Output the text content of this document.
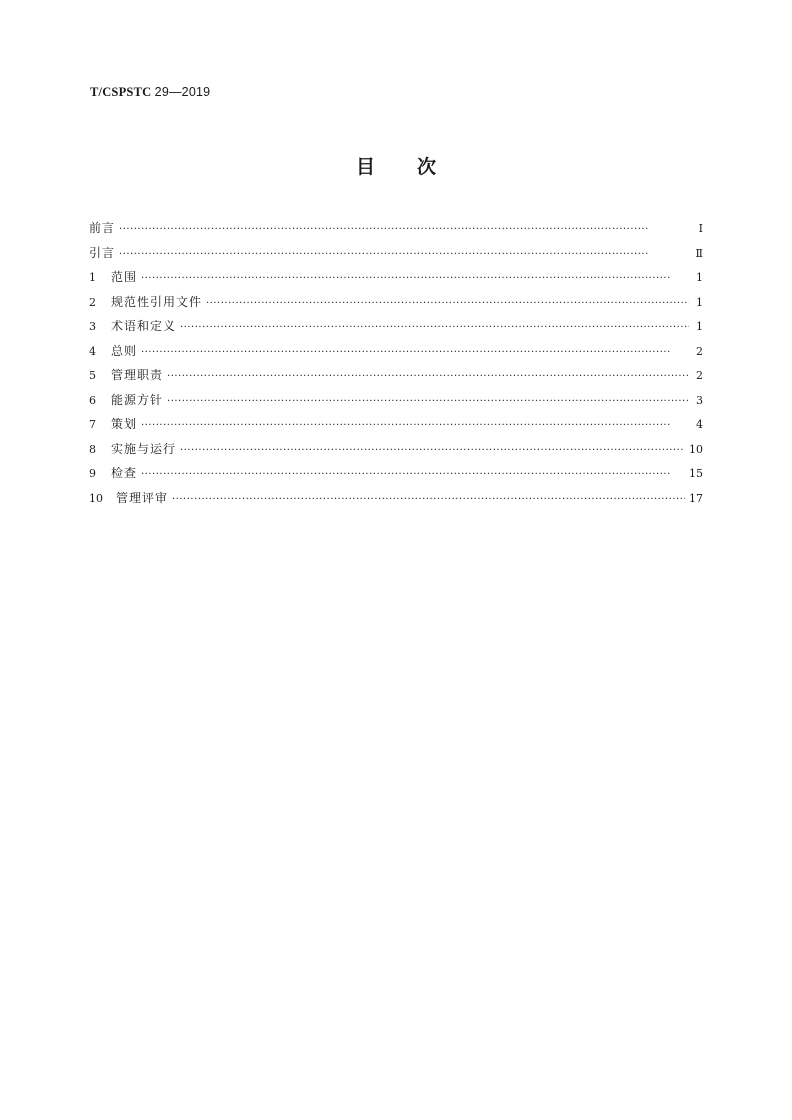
T/CSPSTC 29—2019
目 次
前言 ·····	Ⅰ
引言 ·····	Ⅱ
1	范围 ·····	1
2	规范性引用文件 ·····	1
3	术语和定义 ·····	1
4	总则 ·····	2
5	管理职责 ·····	2
6	能源方针 ·····	3
7	策划 ·····	4
8	实施与运行 ·····	10
9	检查 ·····	15
10	管理评审 ·····	17
